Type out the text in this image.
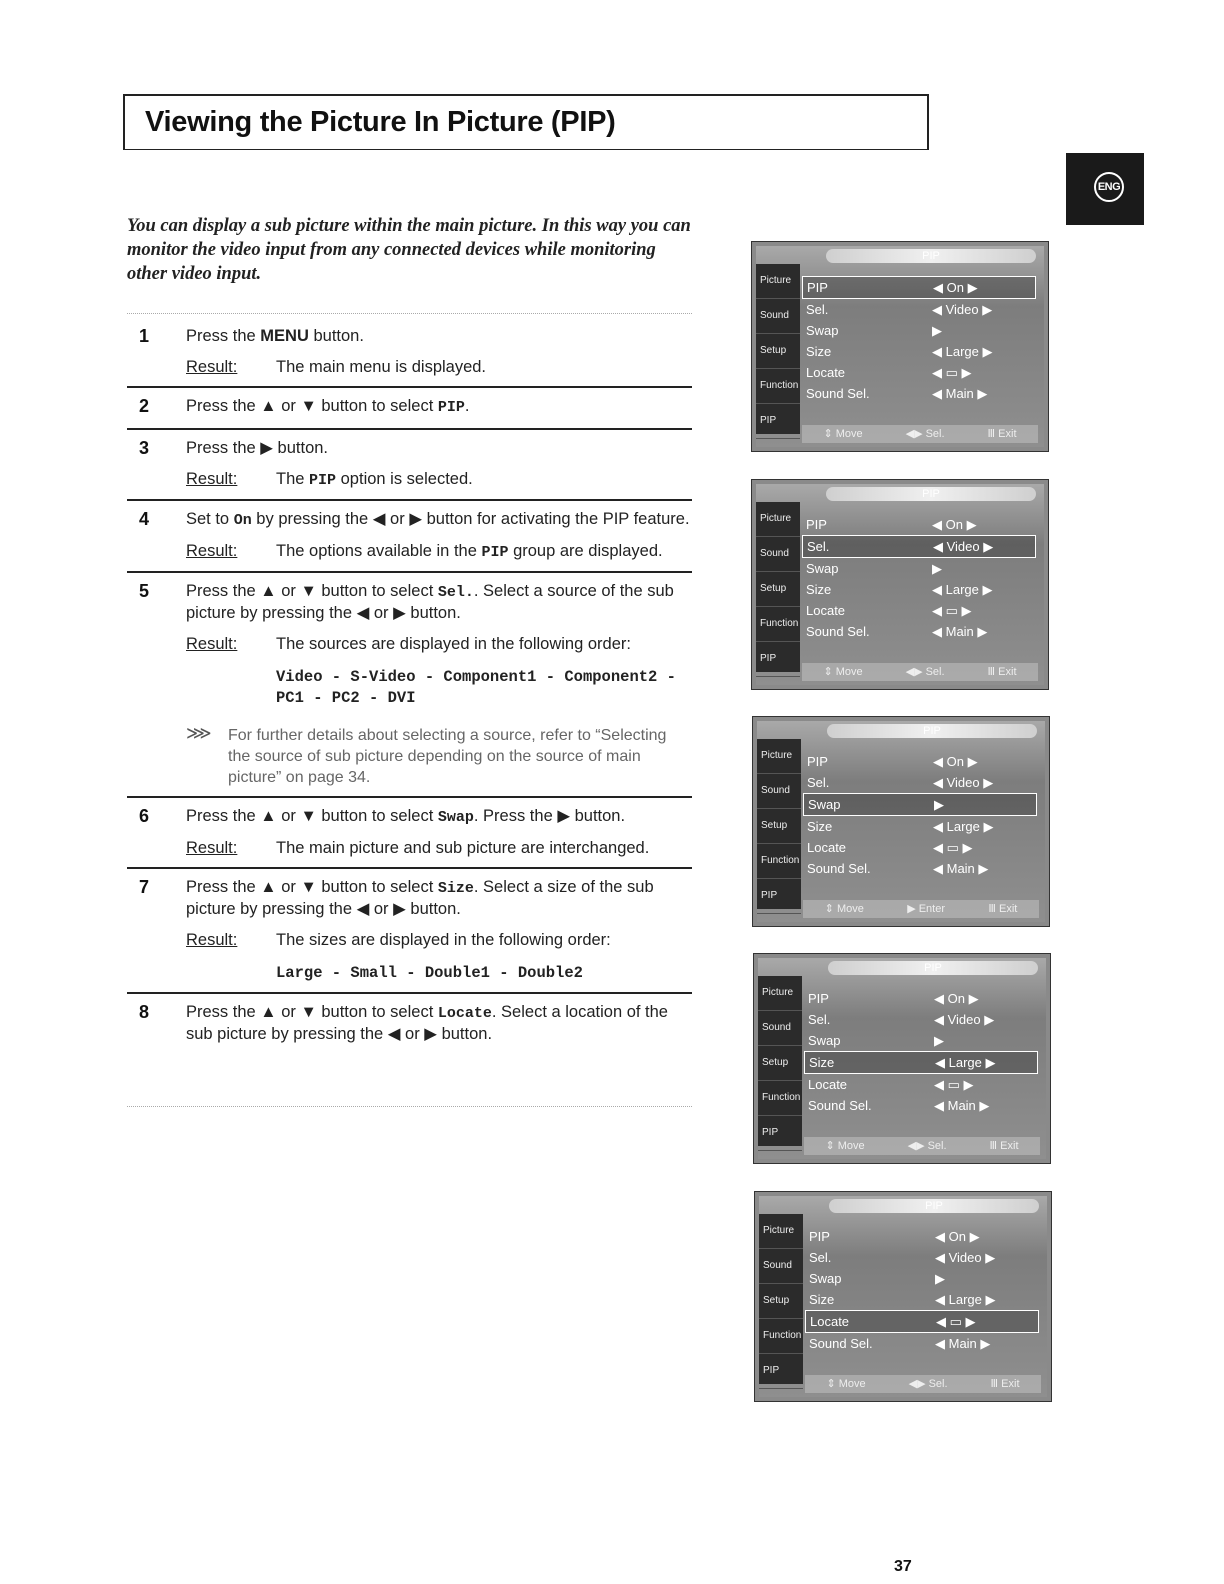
Viewing the Picture In Picture (PIP)
ENG
You can display a sub picture within the main picture. In this way you can monitor the video input from any connected devices while monitoring other video input.
1 Press the MENU button.
Result:	The main menu is displayed.
2 Press the ▲ or ▼ button to select PIP.
3 Press the ▶ button.
Result:	The PIP option is selected.
4 Set to On by pressing the ◀ or ▶ button for activating the PIP feature.
Result:	The options available in the PIP group are displayed.
5 Press the ▲ or ▼ button to select Sel.. Select a source of the sub picture by pressing the ◀ or ▶ button.
Result:	The sources are displayed in the following order:
Video - S-Video - Component1 - Component2 - PC1 - PC2 - DVI
⋙	For further details about selecting a source, refer to “Selecting the source of sub picture depending on the source of main picture” on page 34.
6 Press the ▲ or ▼ button to select Swap. Press the ▶ button.
Result:	The main picture and sub picture are interchanged.
7 Press the ▲ or ▼ button to select Size. Select a size of the sub picture by pressing the ◀ or ▶ button.
Result:	The sizes are displayed in the following order:
Large - Small - Double1 - Double2
8 Press the ▲ or ▼ button to select Locate. Select a location of the sub picture by pressing the ◀ or ▶ button.
PIP
Picture
Sound
Setup
Function
PIP
PIP	◀ On ▶
Sel.	◀ Video ▶
Swap	▶
Size	◀ Large ▶
Locate	◀ ▭ ▶
Sound Sel.	◀ Main ▶
⇕ Move	◀▶ Sel.	Ⅲ Exit
PIP
Picture
Sound
Setup
Function
PIP
PIP	◀ On ▶
Sel.	◀ Video ▶
Swap	▶
Size	◀ Large ▶
Locate	◀ ▭ ▶
Sound Sel.	◀ Main ▶
⇕ Move	◀▶ Sel.	Ⅲ Exit
PIP
Picture
Sound
Setup
Function
PIP
PIP	◀ On ▶
Sel.	◀ Video ▶
Swap	▶
Size	◀ Large ▶
Locate	◀ ▭ ▶
Sound Sel.	◀ Main ▶
⇕ Move	▶ Enter	Ⅲ Exit
PIP
Picture
Sound
Setup
Function
PIP
PIP	◀ On ▶
Sel.	◀ Video ▶
Swap	▶
Size	◀ Large ▶
Locate	◀ ▭ ▶
Sound Sel.	◀ Main ▶
⇕ Move	◀▶ Sel.	Ⅲ Exit
PIP
Picture
Sound
Setup
Function
PIP
PIP	◀ On ▶
Sel.	◀ Video ▶
Swap	▶
Size	◀ Large ▶
Locate	◀ ▭ ▶
Sound Sel.	◀ Main ▶
⇕ Move	◀▶ Sel.	Ⅲ Exit
37
